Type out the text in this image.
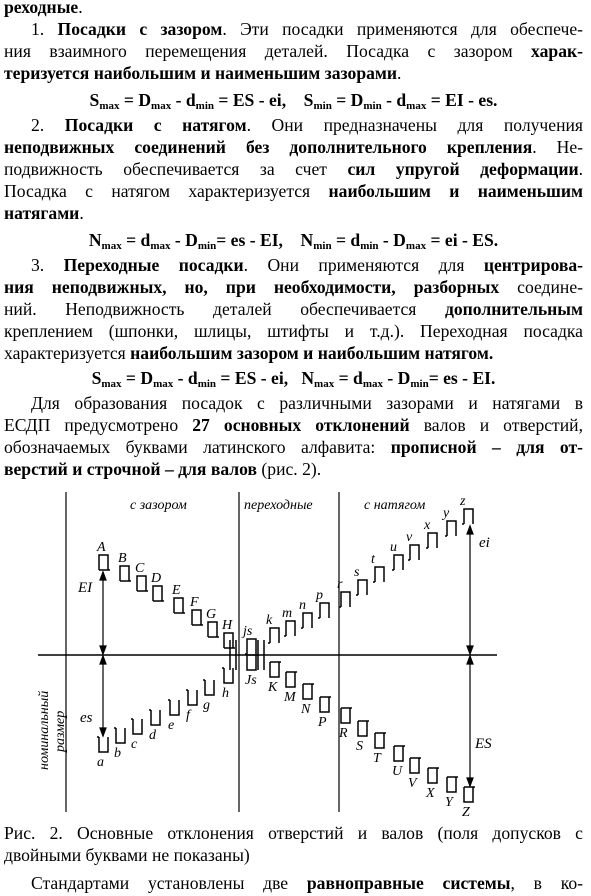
реходные.
1. Посадки с зазором. Эти посадки применяются для обеспече-
ния взаимного перемещения деталей. Посадка с зазором харак-
теризуется наибольшим и наименьшим зазорами.
$S_{max} = D_{max} - d_{min}$ = ES - ei,    $S_{min} = D_{min} - d_{max}$ = EI - es.
2. Посадки с натягом. Они предназначены для получения
неподвижных соединений без дополнительного крепления. Не-
подвижность обеспечивается за счет сил упругой деформации.
Посадка с натягом характеризуется наибольшим и наименьшим
натягами.
$N_{max} = d_{max} - D_{min}=$ es - EI,    $N_{min} = d_{min} - D_{max}$ = ei - ES.
3. Переходные посадки. Они применяются для центрирова-
ния неподвижных, но, при необходимости, разборных соедине-
ний. Неподвижность деталей обеспечивается дополнительным
креплением (шпонки, шлицы, штифты и т.д.). Переходная посадка
характеризуется наибольшим зазором и наибольшим натягом.
$S_{max} = D_{max} - d_{min}$ = ES - ei,   $N_{max} = d_{max} - D_{min}=$ es - EI.
Для образования посадок с различными зазорами и натягами в
ЕСДП предусмотрено 27 основных отклонений валов и отверстий,
обозначаемых буквами латинского алфавита: прописной – для от-
верстий и строчной – для валов (рис. 2).
A
B
C
D
E
F
G
H js
k m
n
p
r
s
t
u
v
x
y
z
a
b
c
d
e
f
g
h
Js K
M
N
P
R
S
T
U
V
X
Y
Z
с зазором	переходные	с натягом
EI
es
ei
ES
номинальный размер
Рис. 2. Основные отклонения отверстий и валов (поля допусков с
двойными буквами не показаны)
Стандартами установлены две равноправные системы, в ко-
